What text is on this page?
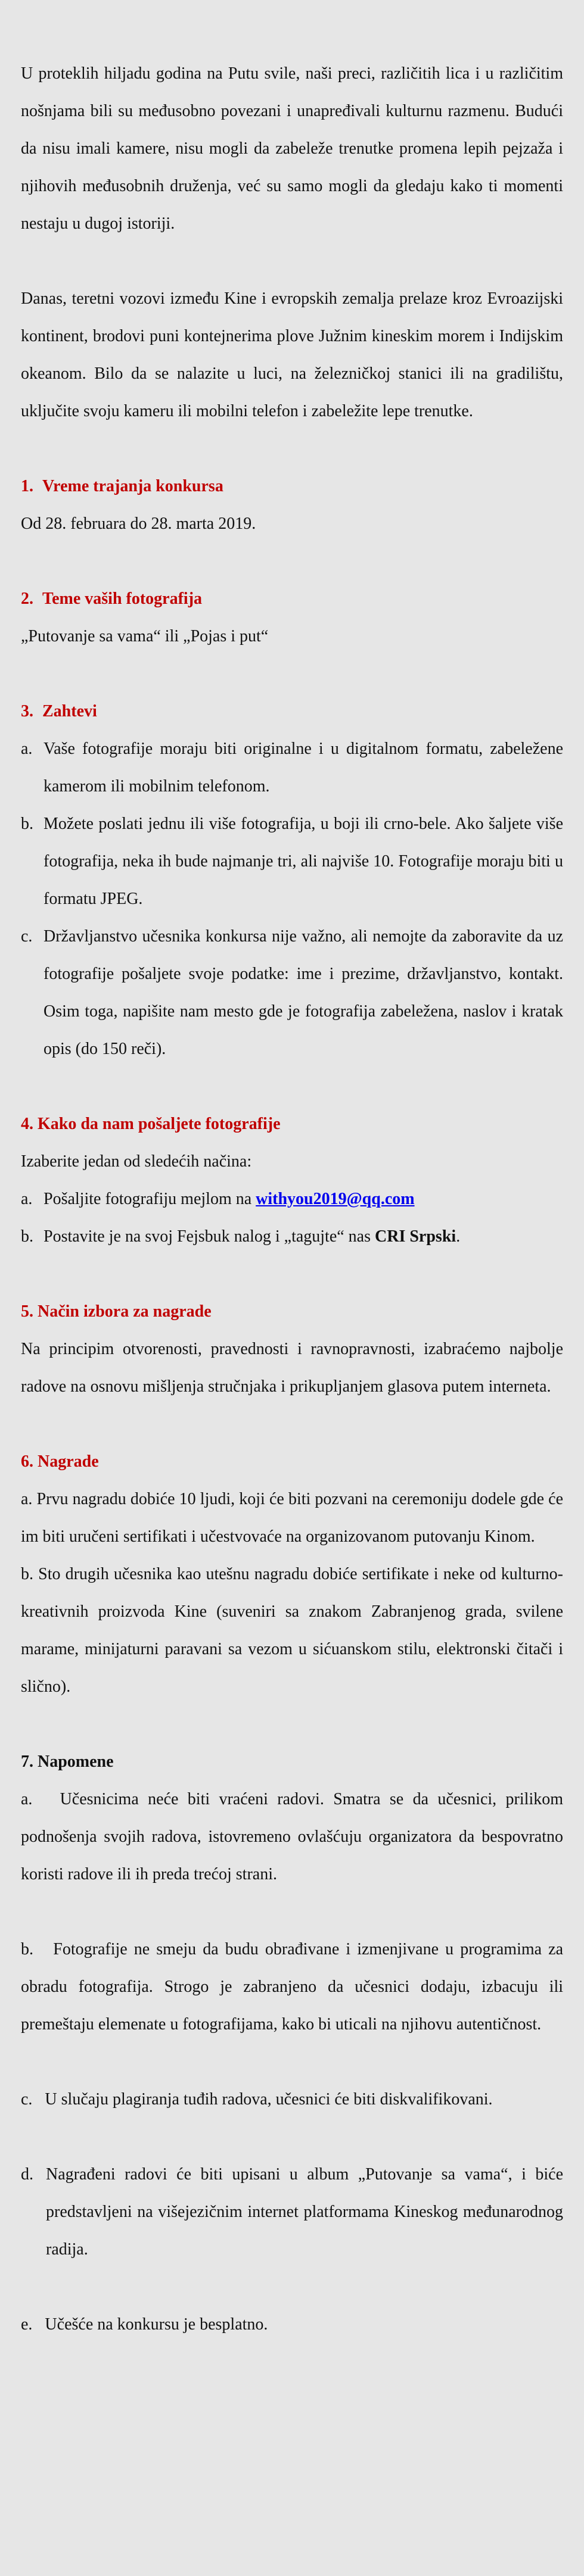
U proteklih hiljadu godina na Putu svile, naši preci, različitih lica i u različitim nošnjama bili su međusobno povezani i unapređivali kulturnu razmenu. Budući da nisu imali kamere, nisu mogli da zabeleže trenutke promena lepih pejzaža i njihovih međusobnih druženja, već su samo mogli da gledaju kako ti momenti nestaju u dugoj istoriji.

Danas, teretni vozovi između Kine i evropskih zemalja prelaze kroz Evroazijski kontinent, brodovi puni kontejnerima plove Južnim kineskim morem i Indijskim okeanom. Bilo da se nalazite u luci, na železničkoj stanici ili na gradilištu, uključite svoju kameru ili mobilni telefon i zabeležite lepe trenutke.

1. Vreme trajanja konkursa

Od 28. februara do 28. marta 2019.

2. Teme vaših fotografija

„Putovanje sa vama“ ili „Pojas i put“

3. Zahtevi

a. Vaše fotografije moraju biti originalne i u digitalnom formatu, zabeležene kamerom ili mobilnim telefonom.
b. Možete poslati jednu ili više fotografija, u boji ili crno-bele. Ako šaljete više fotografija, neka ih bude najmanje tri, ali najviše 10. Fotografije moraju biti u formatu JPEG.
c. Državljanstvo učesnika konkursa nije važno, ali nemojte da zaboravite da uz fotografije pošaljete svoje podatke: ime i prezime, državljanstvo, kontakt. Osim toga, napišite nam mesto gde je fotografija zabeležena, naslov i kratak opis (do 150 reči).

4. Kako da nam pošaljete fotografije

Izaberite jedan od sledećih načina:

a. Pošaljite fotografiju mejlom na withyou2019@qq.com
b. Postavite je na svoj Fejsbuk nalog i „tagujte“ nas CRI Srpski.

5. Način izbora za nagrade

Na principim otvorenosti, pravednosti i ravnopravnosti, izabraćemo najbolje radove na osnovu mišljenja stručnjaka i prikupljanjem glasova putem interneta.

6. Nagrade

a. Prvu nagradu dobiće 10 ljudi, koji će biti pozvani na ceremoniju dodele gde će im biti uručeni sertifikati i učestvovaće na organizovanom putovanju Kinom.

b. Sto drugih učesnika kao utešnu nagradu dobiće sertifikate i neke od kulturno-kreativnih proizvoda Kine (suveniri sa znakom Zabranjenog grada, svilene marame, minijaturni paravani sa vezom u sićuanskom stilu, elektronski čitači i slično).

7. Napomene

a.   Učesnicima neće biti vraćeni radovi. Smatra se da učesnici, prilikom podnošenja svojih radova, istovremeno ovlašćuju organizatora da bespovratno koristi radove ili ih preda trećoj strani.

b.   Fotografije ne smeju da budu obrađivane i izmenjivane u programima za obradu fotografija. Strogo je zabranjeno da učesnici dodaju, izbacuju ili premeštaju elemenate u fotografijama, kako bi uticali na njihovu autentičnost.

c.   U slučaju plagiranja tuđih radova, učesnici će biti diskvalifikovani.

d. Nagrađeni radovi će biti upisani u album „Putovanje sa vama“, i biće predstavljeni na višejezičnim internet platformama Kineskog međunarodnog radija.

e.   Učešće na konkursu je besplatno.
